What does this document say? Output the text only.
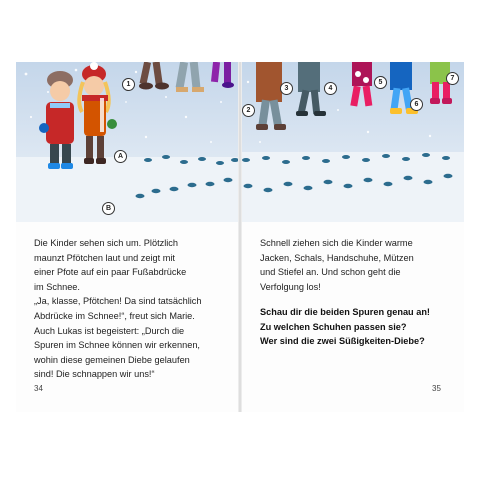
1
A
B

Die Kinder sehen sich um. Plötzlich

maunzt Pfötchen laut und zeigt mit

einer Pfote auf ein paar Fußabdrücke

im Schnee.

„Ja, klasse, Pfötchen! Da sind tatsächlich

Abdrücke im Schnee!“, freut sich Marie.

Auch Lukas ist begeistert: „Durch die

Spuren im Schnee können wir erkennen,

wohin diese gemeinen Diebe gelaufen

sind! Die schnappen wir uns!“

34
2
3	4
5
6
7

Schnell ziehen sich die Kinder warme

Jacken, Schals, Handschuhe, Mützen

und Stiefel an. Und schon geht die

Verfolgung los!

Schau dir die beiden Spuren genau an!

Zu welchen Schuhen passen sie?

Wer sind die zwei Süßigkeiten-Diebe?

35
